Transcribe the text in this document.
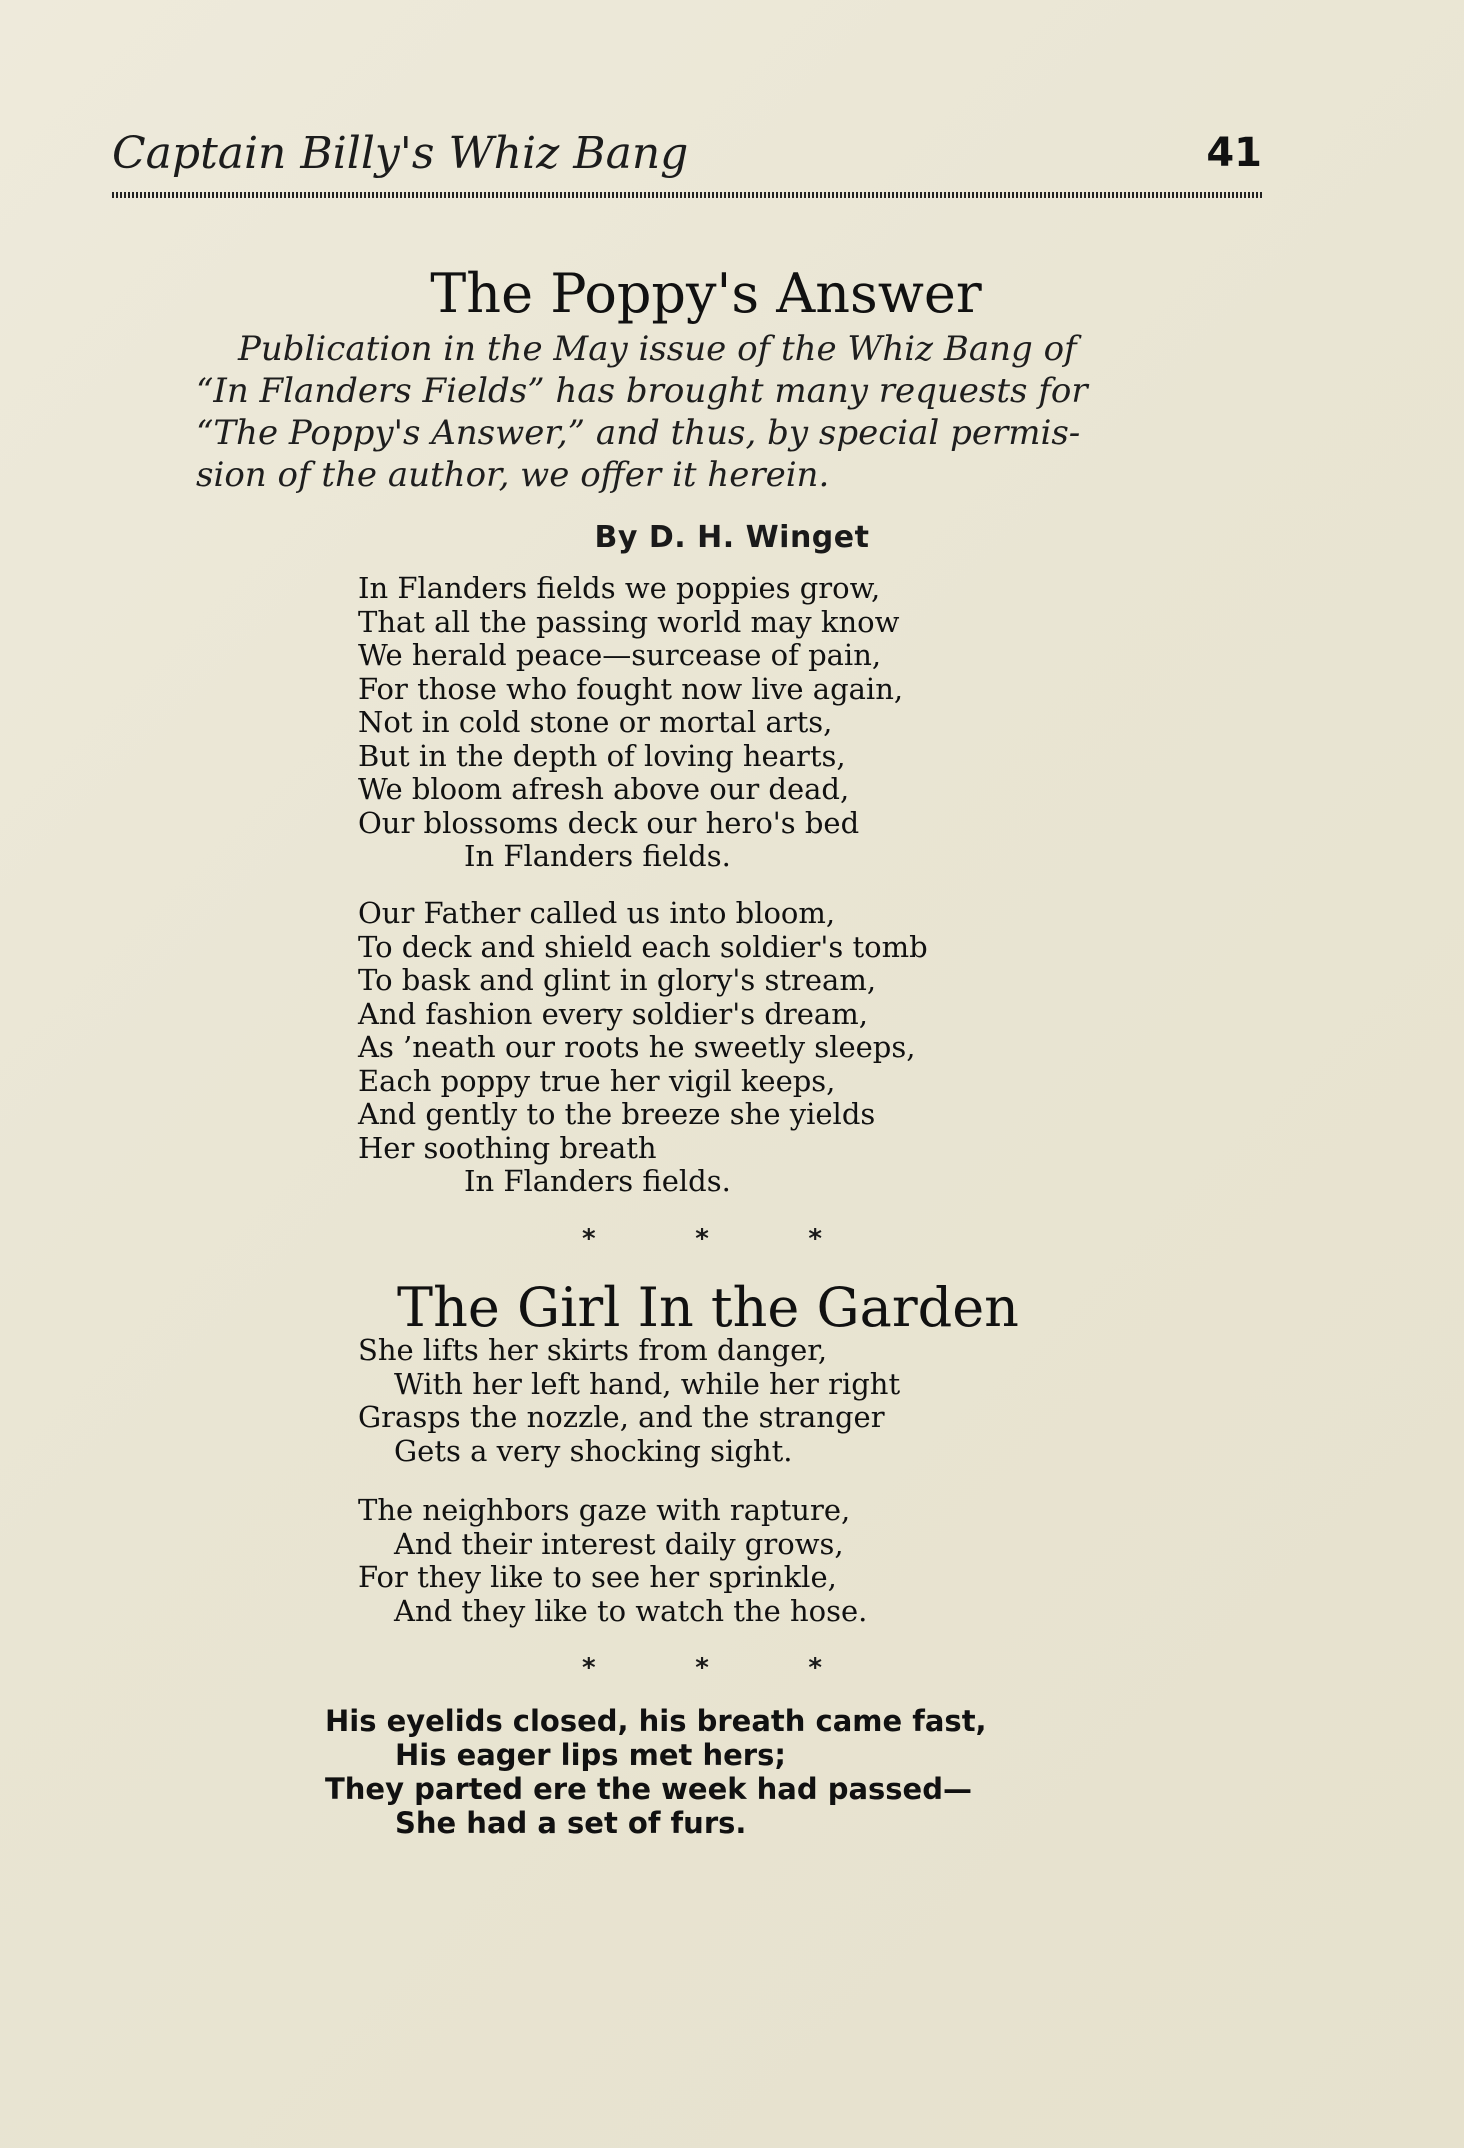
Captain Billy's Whiz Bang	41
The Poppy's Answer
Publication in the May issue of the Whiz Bang of
“In Flanders Fields” has brought many requests for
“The Poppy's Answer,” and thus, by special permis-
sion of the author, we offer it herein.
By D. H. Winget
In Flanders fields we poppies grow,
That all the passing world may know
We herald peace—surcease of pain,
For those who fought now live again,
Not in cold stone or mortal arts,
But in the depth of loving hearts,
We bloom afresh above our dead,
Our blossoms deck our hero's bed
In Flanders fields.
Our Father called us into bloom,
To deck and shield each soldier's tomb
To bask and glint in glory's stream,
And fashion every soldier's dream,
As ’neath our roots he sweetly sleeps,
Each poppy true her vigil keeps,
And gently to the breeze she yields
Her soothing breath
In Flanders fields.
*	*	*
The Girl In the Garden
She lifts her skirts from danger,
With her left hand, while her right
Grasps the nozzle, and the stranger
Gets a very shocking sight.
The neighbors gaze with rapture,
And their interest daily grows,
For they like to see her sprinkle,
And they like to watch the hose.
*	*	*
His eyelids closed, his breath came fast,
His eager lips met hers;
They parted ere the week had passed—
She had a set of furs.
